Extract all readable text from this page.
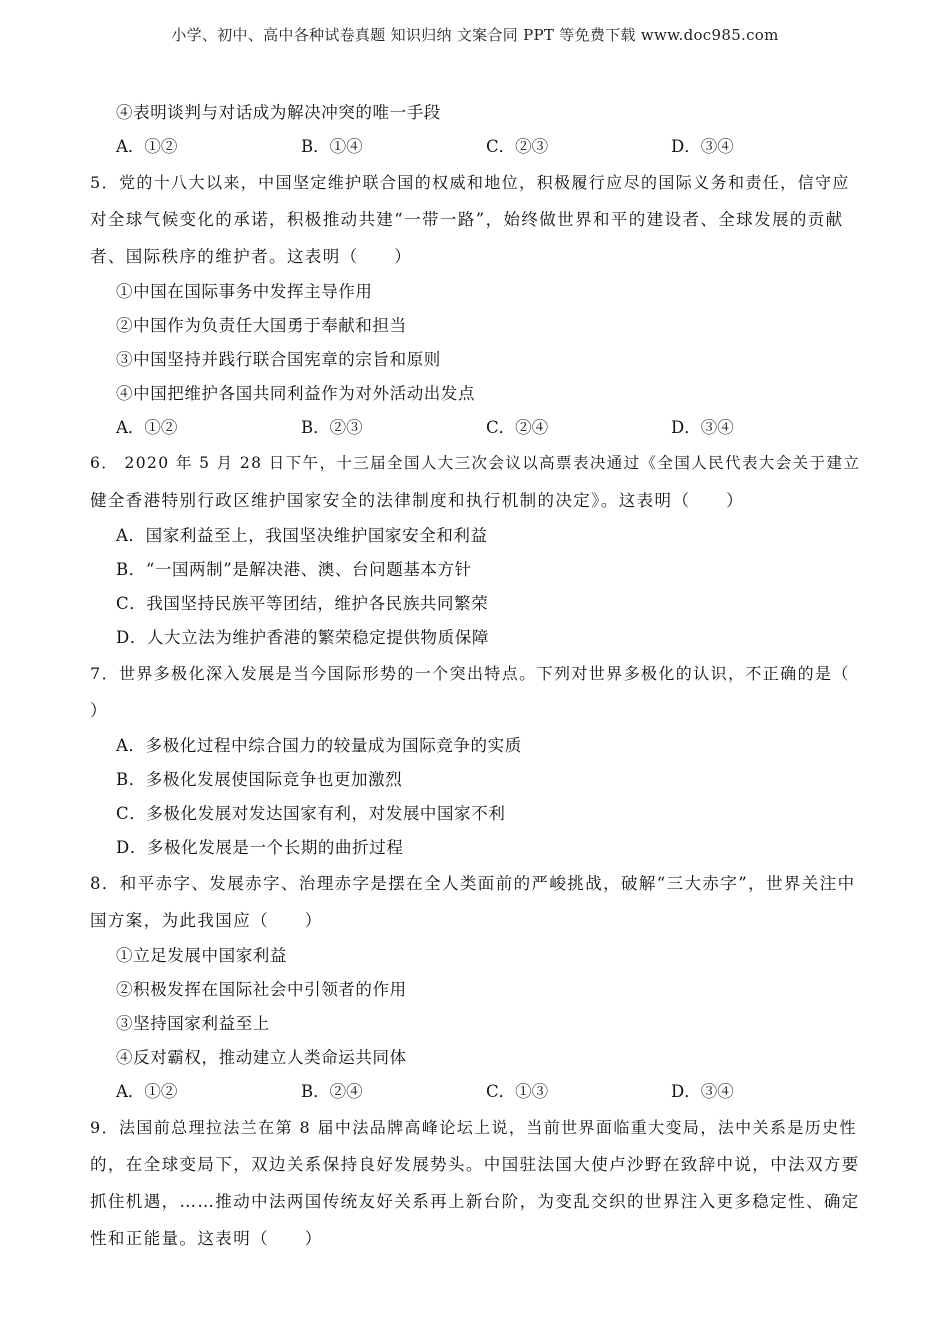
小学、初中、高中各种试卷真题 知识归纳 文案合同 PPT 等免费下载 www.doc985.com
④表明谈判与对话成为解决冲突的唯一手段
A．①②	B．①④	C．②③	D．③④
5．党的十八大以来，中国坚定维护联合国的权威和地位，积极履行应尽的国际义务和责任，信守应
对全球气候变化的承诺，积极推动共建“一带一路”，始终做世界和平的建设者、全球发展的贡献
者、国际秩序的维护者。这表明（　　）
①中国在国际事务中发挥主导作用
②中国作为负责任大国勇于奉献和担当
③中国坚持并践行联合国宪章的宗旨和原则
④中国把维护各国共同利益作为对外活动出发点
A．①②	B．②③	C．②④	D．③④
6． 2020 年 5 月 28 日下午，十三届全国人大三次会议以高票表决通过《全国人民代表大会关于建立
健全香港特别行政区维护国家安全的法律制度和执行机制的决定》。这表明（　　）
A．国家利益至上，我国坚决维护国家安全和利益
B．“一国两制”是解决港、澳、台问题基本方针
C．我国坚持民族平等团结，维护各民族共同繁荣
D．人大立法为维护香港的繁荣稳定提供物质保障
7．世界多极化深入发展是当今国际形势的一个突出特点。下列对世界多极化的认识，不正确的是（
）
A．多极化过程中综合国力的较量成为国际竞争的实质
B．多极化发展使国际竞争也更加激烈
C．多极化发展对发达国家有利，对发展中国家不利
D．多极化发展是一个长期的曲折过程
8．和平赤字、发展赤字、治理赤字是摆在全人类面前的严峻挑战，破解“三大赤字”，世界关注中
国方案，为此我国应（　　）
①立足发展中国家利益
②积极发挥在国际社会中引领者的作用
③坚持国家利益至上
④反对霸权，推动建立人类命运共同体
A．①②	B．②④	C．①③	D．③④
9．法国前总理拉法兰在第 8 届中法品牌高峰论坛上说，当前世界面临重大变局，法中关系是历史性
的，在全球变局下，双边关系保持良好发展势头。中国驻法国大使卢沙野在致辞中说，中法双方要
抓住机遇，……推动中法两国传统友好关系再上新台阶，为变乱交织的世界注入更多稳定性、确定
性和正能量。这表明（　　）
